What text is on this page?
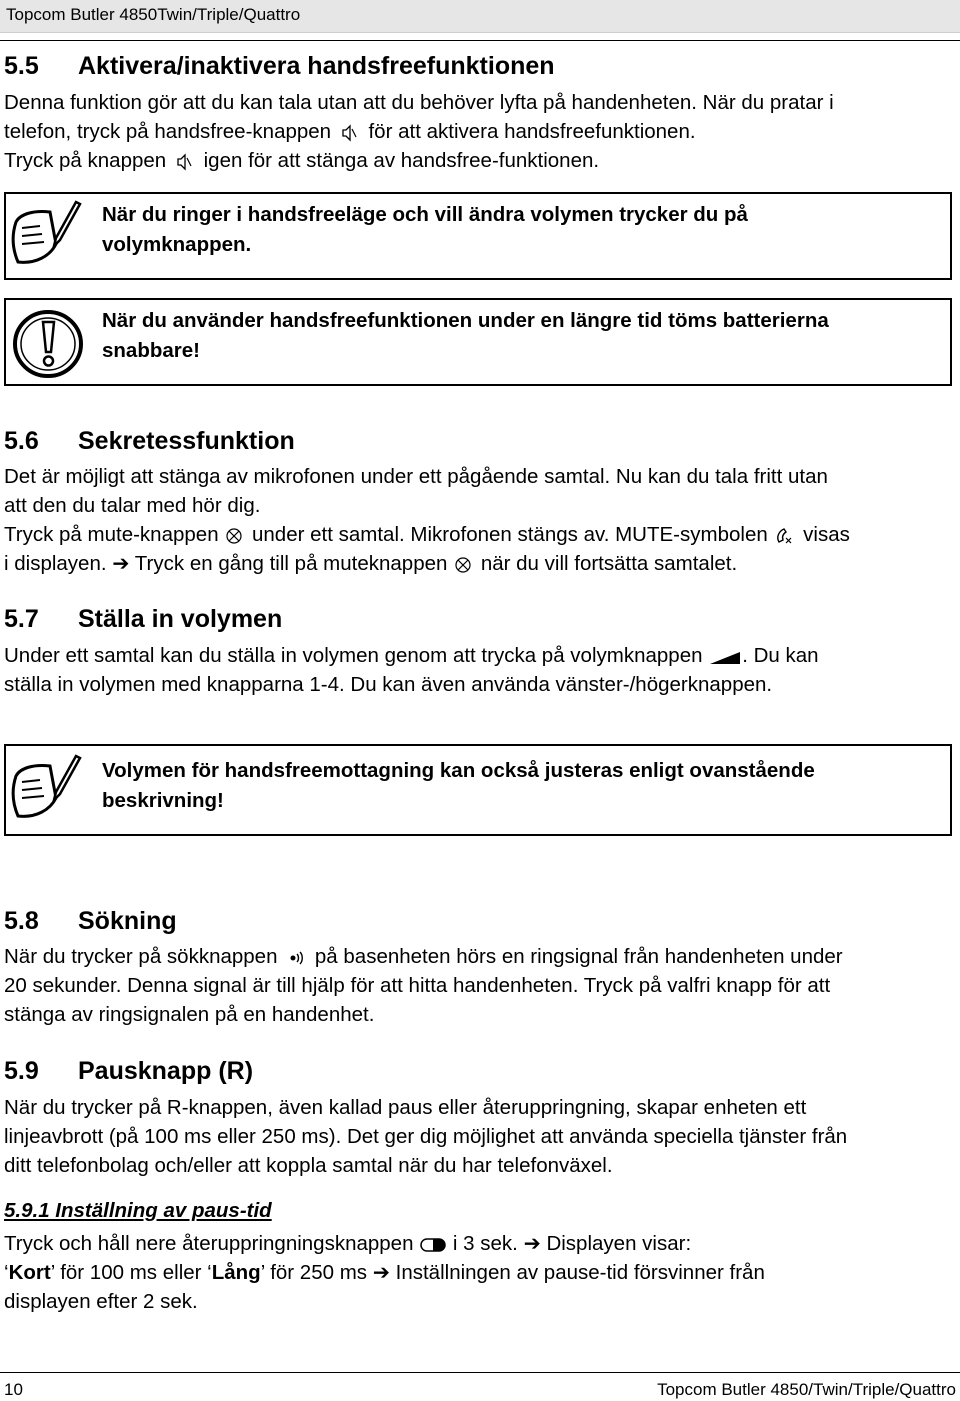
Topcom Butler 4850Twin/Triple/Quattro
5.5 Aktivera/inaktivera handsfreefunktionen
Denna funktion gör att du kan tala utan att du behöver lyfta på handenheten. När du pratar i
telefon, tryck på handsfree-knappen för att aktivera handsfreefunktionen.
Tryck på knappen igen för att stänga av handsfree-funktionen.
När du ringer i handsfreeläge och vill ändra volymen trycker du på
volymknappen.
När du använder handsfreefunktionen under en längre tid töms batterierna
snabbare!
5.6 Sekretessfunktion
Det är möjligt att stänga av mikrofonen under ett pågående samtal. Nu kan du tala fritt utan
att den du talar med hör dig.
Tryck på mute-knappen under ett samtal. Mikrofonen stängs av. MUTE-symbolen visas
i displayen. ➔ Tryck en gång till på muteknappen när du vill fortsätta samtalet.
5.7 Ställa in volymen
Under ett samtal kan du ställa in volymen genom att trycka på volymknappen . Du kan
ställa in volymen med knapparna 1-4. Du kan även använda vänster-/högerknappen.
Volymen för handsfreemottagning kan också justeras enligt ovanstående
beskrivning!
5.8 Sökning
När du trycker på sökknappen på basenheten hörs en ringsignal från handenheten under
20 sekunder. Denna signal är till hjälp för att hitta handenheten. Tryck på valfri knapp för att
stänga av ringsignalen på en handenhet.
5.9 Pausknapp (R)
När du trycker på R-knappen, även kallad paus eller återuppringning, skapar enheten ett
linjeavbrott (på 100 ms eller 250 ms). Det ger dig möjlighet att använda speciella tjänster från
ditt telefonbolag och/eller att koppla samtal när du har telefonväxel.
5.9.1 Inställning av paus-tid
Tryck och håll nere återuppringningsknappen i 3 sek. ➔ Displayen visar:
‘Kort’ för 100 ms eller ‘Lång’ för 250 ms ➔ Inställningen av pause-tid försvinner från
displayen efter 2 sek.
10	Topcom Butler 4850/Twin/Triple/Quattro
